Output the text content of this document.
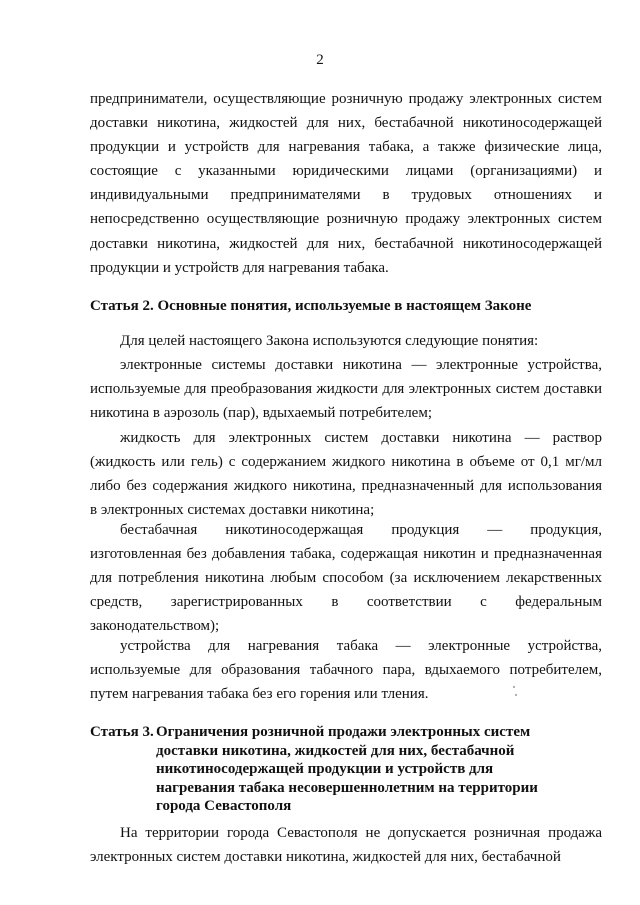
2
предприниматели, осуществляющие розничную продажу электронных систем
доставки никотина, жидкостей для них, бестабачной никотиносодержащей
продукции и устройств для нагревания табака, а также физические лица,
состоящие с указанными юридическими лицами (организациями) и
индивидуальными предпринимателями в трудовых отношениях и
непосредственно осуществляющие розничную продажу электронных систем
доставки никотина, жидкостей для них, бестабачной никотиносодержащей
продукции и устройств для нагревания табака.
Статья 2. Основные понятия, используемые в настоящем Законе
Для целей настоящего Закона используются следующие понятия:
электронные системы доставки никотина — электронные устройства,
используемые для преобразования жидкости для электронных систем доставки
никотина в аэрозоль (пар), вдыхаемый потребителем;
жидкость для электронных систем доставки никотина — раствор
(жидкость или гель) с содержанием жидкого никотина в объеме от 0,1 мг/мл
либо без содержания жидкого никотина, предназначенный для использования
в электронных системах доставки никотина;
бестабачная никотиносодержащая продукция — продукция,
изготовленная без добавления табака, содержащая никотин и предназначенная
для потребления никотина любым способом (за исключением лекарственных
средств, зарегистрированных в соответствии с федеральным
законодательством);
устройства для нагревания табака — электронные устройства,
используемые для образования табачного пара, вдыхаемого потребителем,
путем нагревания табака без его горения или тления.
Статья 3. Ограничения розничной продажи электронных систем
доставки никотина, жидкостей для них, бестабачной
никотиносодержащей продукции и устройств для
нагревания табака несовершеннолетним на территории
города Севастополя
На территории города Севастополя не допускается розничная продажа
электронных систем доставки никотина, жидкостей для них, бестабачной
